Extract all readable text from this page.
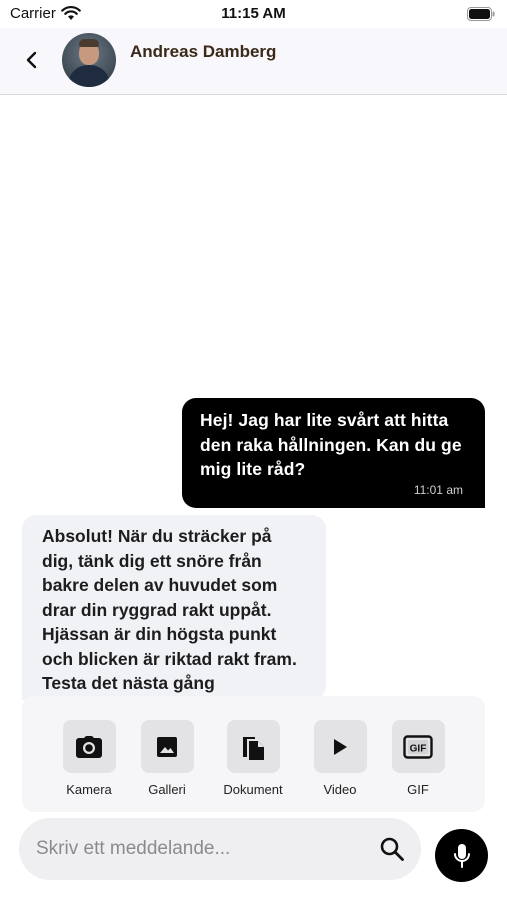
Carrier	11:15 AM
Andreas Damberg
Hej! Jag har lite svårt att hitta den raka hållningen. Kan du ge mig lite råd?
11:01 am
Absolut! När du sträcker på dig, tänk dig ett snöre från bakre delen av huvudet som drar din ryggrad rakt uppåt. Hjässan är din högsta punkt och blicken är riktad rakt fram. Testa det nästa gång
Kamera	Galleri	Dokument	Video
GIF
GIF
Skriv ett meddelande...
